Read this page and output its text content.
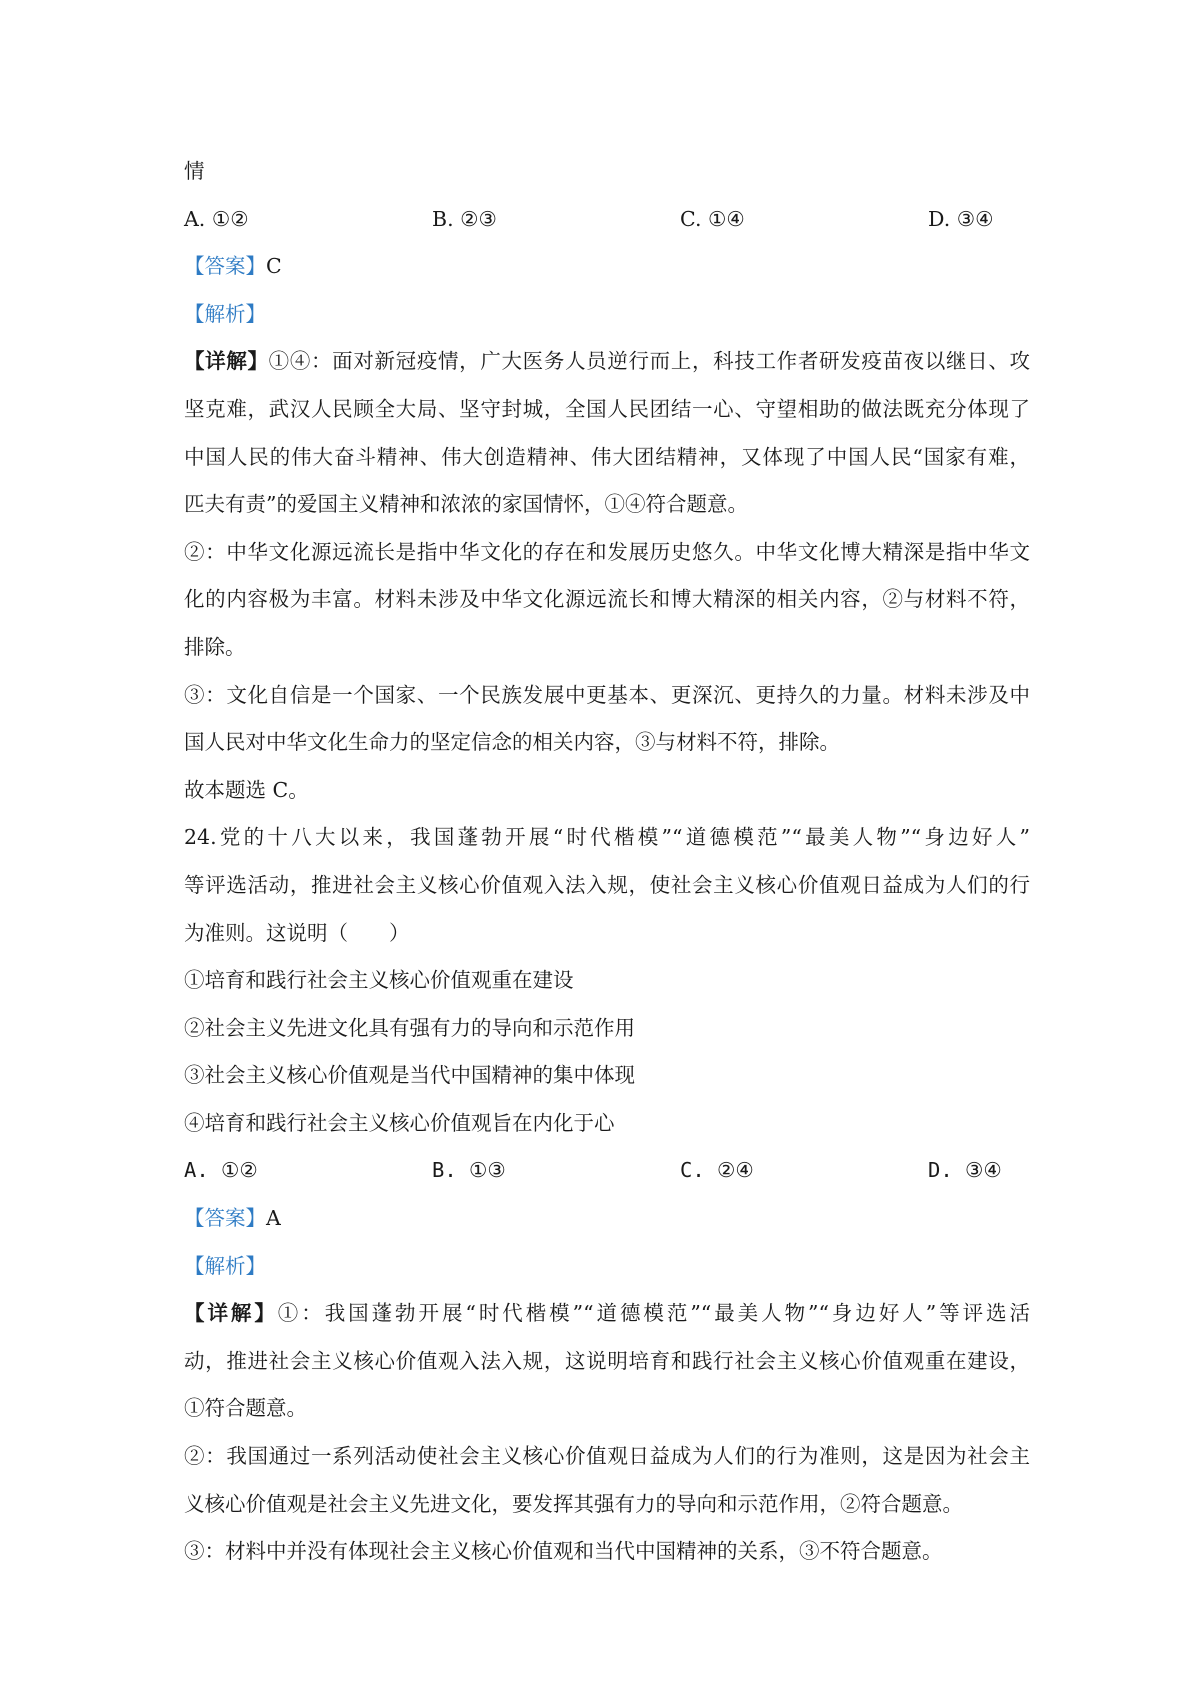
情
A. ①②	B. ②③	C. ①④	D. ③④
【答案】C
【解析】
【详解】①④：面对新冠疫情，广大医务人员逆行而上，科技工作者研发疫苗夜以继日、攻
坚克难，武汉人民顾全大局、坚守封城，全国人民团结一心、守望相助的做法既充分体现了
中国人民的伟大奋斗精神、伟大创造精神、伟大团结精神，又体现了中国人民“国家有难，
匹夫有责”的爱国主义精神和浓浓的家国情怀，①④符合题意。
②：中华文化源远流长是指中华文化的存在和发展历史悠久。中华文化博大精深是指中华文
化的内容极为丰富。材料未涉及中华文化源远流长和博大精深的相关内容，②与材料不符，
排除。
③：文化自信是一个国家、一个民族发展中更基本、更深沉、更持久的力量。材料未涉及中
国人民对中华文化生命力的坚定信念的相关内容，③与材料不符，排除。
故本题选 C。
24.党的十八大以来，我国蓬勃开展“时代楷模”“道德模范”“最美人物”“身边好人”
等评选活动，推进社会主义核心价值观入法入规，使社会主义核心价值观日益成为人们的行
为准则。这说明（　　）
①培育和践行社会主义核心价值观重在建设
②社会主义先进文化具有强有力的导向和示范作用
③社会主义核心价值观是当代中国精神的集中体现
④培育和践行社会主义核心价值观旨在内化于心
A. ①②	B. ①③	C. ②④	D. ③④
【答案】A
【解析】
【详解】①：我国蓬勃开展“时代楷模”“道德模范”“最美人物”“身边好人”等评选活
动，推进社会主义核心价值观入法入规，这说明培育和践行社会主义核心价值观重在建设，
①符合题意。
②：我国通过一系列活动使社会主义核心价值观日益成为人们的行为准则，这是因为社会主
义核心价值观是社会主义先进文化，要发挥其强有力的导向和示范作用，②符合题意。
③：材料中并没有体现社会主义核心价值观和当代中国精神的关系，③不符合题意。
